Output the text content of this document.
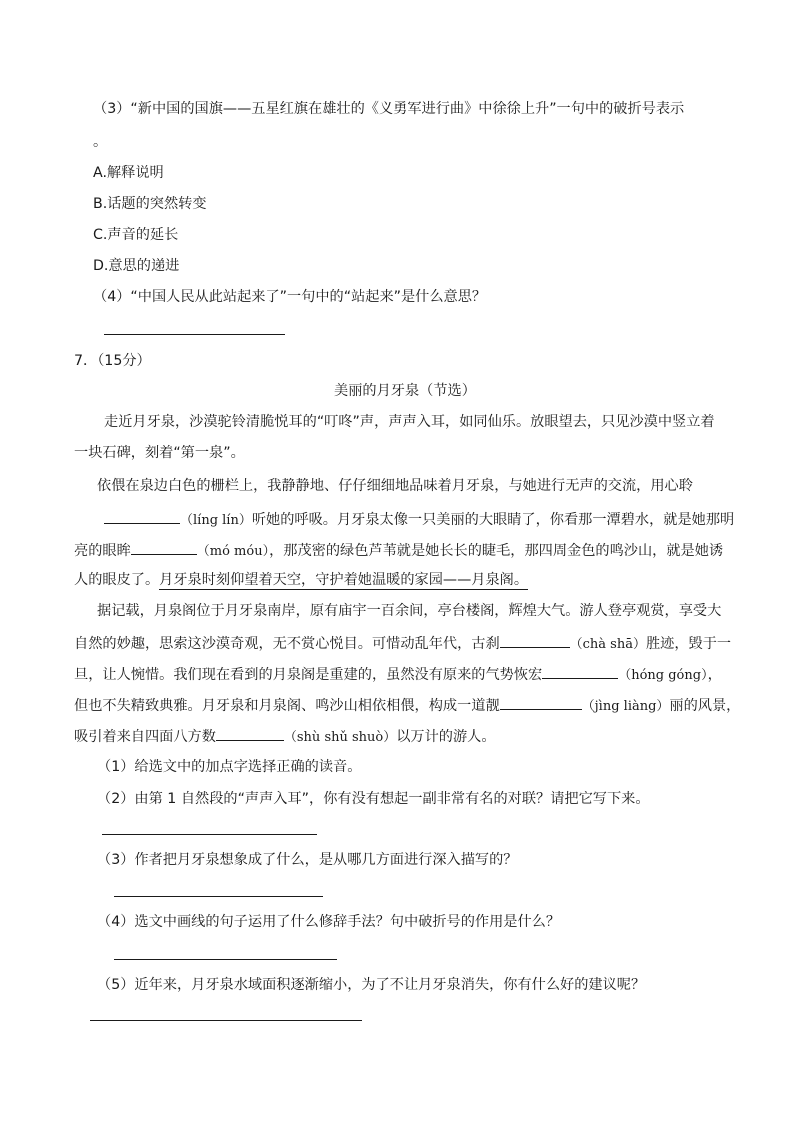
（3）“新中国的国旗——五星红旗在雄壮的《义勇军进行曲》中徐徐上升”一句中的破折号表示
。
A.解释说明
B.话题的突然转变
C.声音的延长
D.意思的递进
（4）“中国人民从此站起来了”一句中的“站起来”是什么意思？
7．（15分）
美丽的月牙泉（节选）
走近月牙泉，沙漠驼铃清脆悦耳的“叮咚”声，声声入耳，如同仙乐。放眼望去，只见沙漠中竖立着
一块石碑，刻着“第一泉”。
依偎在泉边白色的栅栏上，我静静地、仔仔细细地品味着月牙泉，与她进行无声的交流，用心聆
（líng lín）听她的呼吸。月牙泉太像一只美丽的大眼睛了，你看那一潭碧水，就是她那明
亮的眼眸	（mó móu），那茂密的绿色芦苇就是她长长的睫毛，那四周金色的鸣沙山，就是她诱
人的眼皮了。月牙泉时刻仰望着天空，守护着她温暖的家园——月泉阁。
据记载，月泉阁位于月牙泉南岸，原有庙宇一百余间，亭台楼阁，辉煌大气。游人登亭观赏，享受大
自然的妙趣，思索这沙漠奇观，无不赏心悦目。可惜动乱年代，古刹	（chà shā）胜迹，毁于一
旦，让人惋惜。我们现在看到的月泉阁是重建的，虽然没有原来的气势恢宏	（hóng góng），
但也不失精致典雅。月牙泉和月泉阁、鸣沙山相依相偎，构成一道靓	（jìng liàng）丽的风景，
吸引着来自四面八方数	（shù shǔ shuò）以万计的游人。
（1）给选文中的加点字选择正确的读音。
（2）由第 1 自然段的“声声入耳”，你有没有想起一副非常有名的对联？请把它写下来。
（3）作者把月牙泉想象成了什么，是从哪几方面进行深入描写的？
（4）选文中画线的句子运用了什么修辞手法？句中破折号的作用是什么？
（5）近年来，月牙泉水域面积逐渐缩小，为了不让月牙泉消失，你有什么好的建议呢？
